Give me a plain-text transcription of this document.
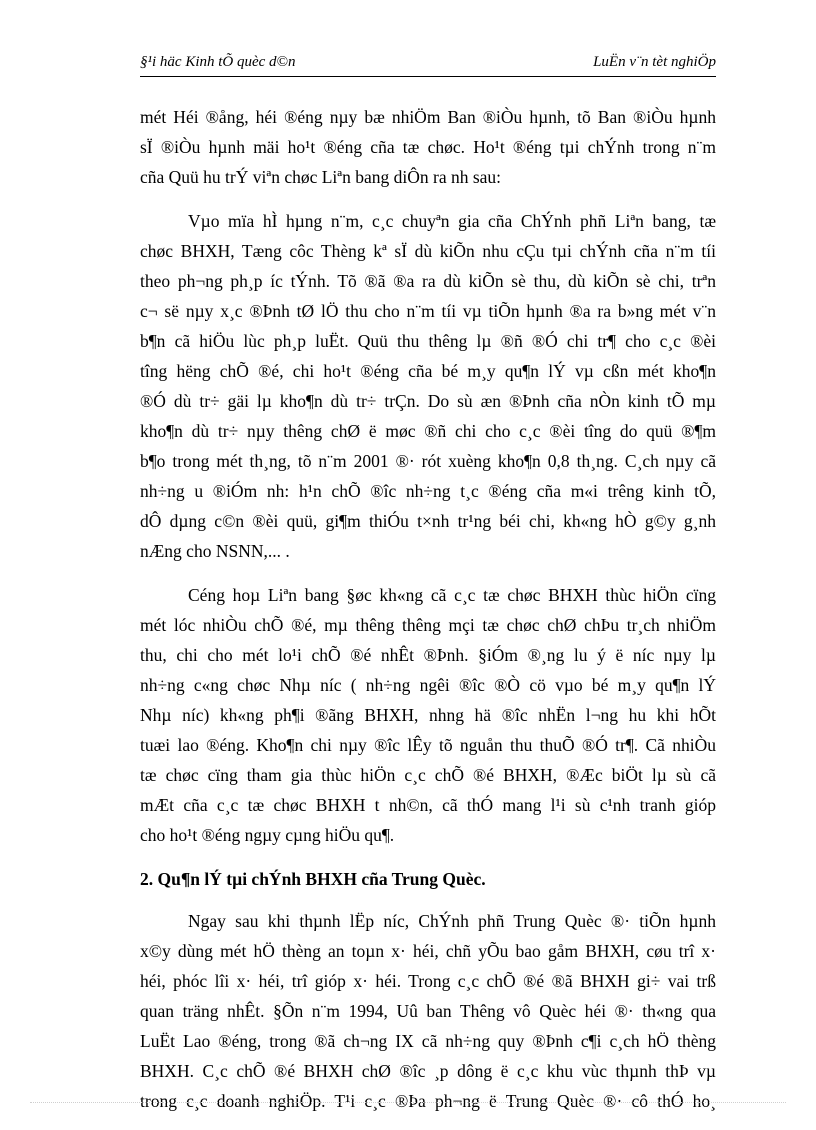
§¹i häc Kinh tÕ quèc d©n	LuËn v¨n tèt nghiÖp
mét Héi ®ång, héi ®éng nµy bæ nhiÖm Ban ®iÒu hµnh, tõ Ban ®iÒu hµnh
sÏ ®iÒu hµnh mäi ho¹t ®éng cña tæ chøc. Ho¹t ®éng tµi chÝnh trong n¨m
cña Quü hu trÝ viªn chøc Liªn bang diÔn ra nh sau:
Vµo mïa hÌ hµng n¨m, c¸c chuyªn gia cña ChÝnh phñ Liªn bang, tæ
chøc BHXH, Tæng côc Thèng kª sÏ dù kiÕn nhu cÇu tµi chÝnh cña n¨m tíi
theo ph¬ng ph¸p íc tÝnh. Tõ ®ã ®a ra dù kiÕn sè thu, dù kiÕn sè chi, trªn
c¬ së nµy x¸c ®Þnh tØ lÖ thu cho n¨m tíi vµ tiÕn hµnh ®a ra b»ng mét v¨n
b¶n cã hiÖu lùc ph¸p luËt. Quü thu thêng lµ ®ñ ®Ó chi tr¶ cho c¸c ®èi
tîng hëng chÕ ®é, chi ho¹t ®éng cña bé m¸y qu¶n lÝ vµ cßn mét kho¶n
®Ó dù tr÷ gäi lµ kho¶n dù tr÷ trÇn. Do sù æn ®Þnh cña nÒn kinh tÕ mµ
kho¶n dù tr÷ nµy thêng chØ ë møc ®ñ chi cho c¸c ®èi tîng do quü ®¶m
b¶o trong mét th¸ng, tõ n¨m 2001 ®· rót xuèng kho¶n 0,8 th¸ng. C¸ch nµy cã
nh÷ng u ®iÓm nh: h¹n chÕ ®îc nh÷ng t¸c ®éng cña m«i trêng kinh tÕ,
dÔ dµng c©n ®èi quü, gi¶m thiÓu t×nh tr¹ng béi chi, kh«ng hÒ g©y g¸nh
nÆng cho NSNN,... .
Céng hoµ Liªn bang §øc kh«ng cã c¸c tæ chøc BHXH thùc hiÖn cïng
mét lóc nhiÒu chÕ ®é, mµ thêng thêng mçi tæ chøc chØ chÞu tr¸ch nhiÖm
thu, chi cho mét lo¹i chÕ ®é nhÊt ®Þnh. §iÓm ®¸ng lu ý ë níc nµy lµ
nh÷ng c«ng chøc Nhµ níc ( nh÷ng ngêi ®îc ®Ò cö vµo bé m¸y qu¶n lÝ
Nhµ níc) kh«ng ph¶i ®ãng BHXH, nhng hä ®îc nhËn l¬ng hu khi hÕt
tuæi lao ®éng. Kho¶n chi nµy ®îc lÊy tõ nguån thu thuÕ ®Ó tr¶. Cã nhiÒu
tæ chøc cïng tham gia thùc hiÖn c¸c chÕ ®é BHXH, ®Æc biÖt lµ sù cã
mÆt cña c¸c tæ chøc BHXH t nh©n, cã thÓ mang l¹i sù c¹nh tranh gióp
cho ho¹t ®éng ngµy cµng hiÖu qu¶.
2. Qu¶n lÝ tµi chÝnh BHXH cña Trung Quèc.
Ngay sau khi thµnh lËp níc, ChÝnh phñ Trung Quèc ®· tiÕn hµnh
x©y dùng mét hÖ thèng an toµn x· héi, chñ yÕu bao gåm BHXH, cøu trî x·
héi, phóc lîi x· héi, trî gióp x· héi. Trong c¸c chÕ ®é ®ã BHXH gi÷ vai trß
quan träng nhÊt. §Õn n¨m 1994, Uû ban Thêng vô Quèc héi ®· th«ng qua
LuËt Lao ®éng, trong ®ã ch¬ng IX cã nh÷ng quy ®Þnh c¶i c¸ch hÖ thèng
BHXH. C¸c chÕ ®é BHXH chØ ®îc ¸p dông ë c¸c khu vùc thµnh thÞ vµ
trong c¸c doanh nghiÖp. T¹i c¸c ®Þa ph¬ng ë Trung Quèc ®· cô thÓ ho¸
